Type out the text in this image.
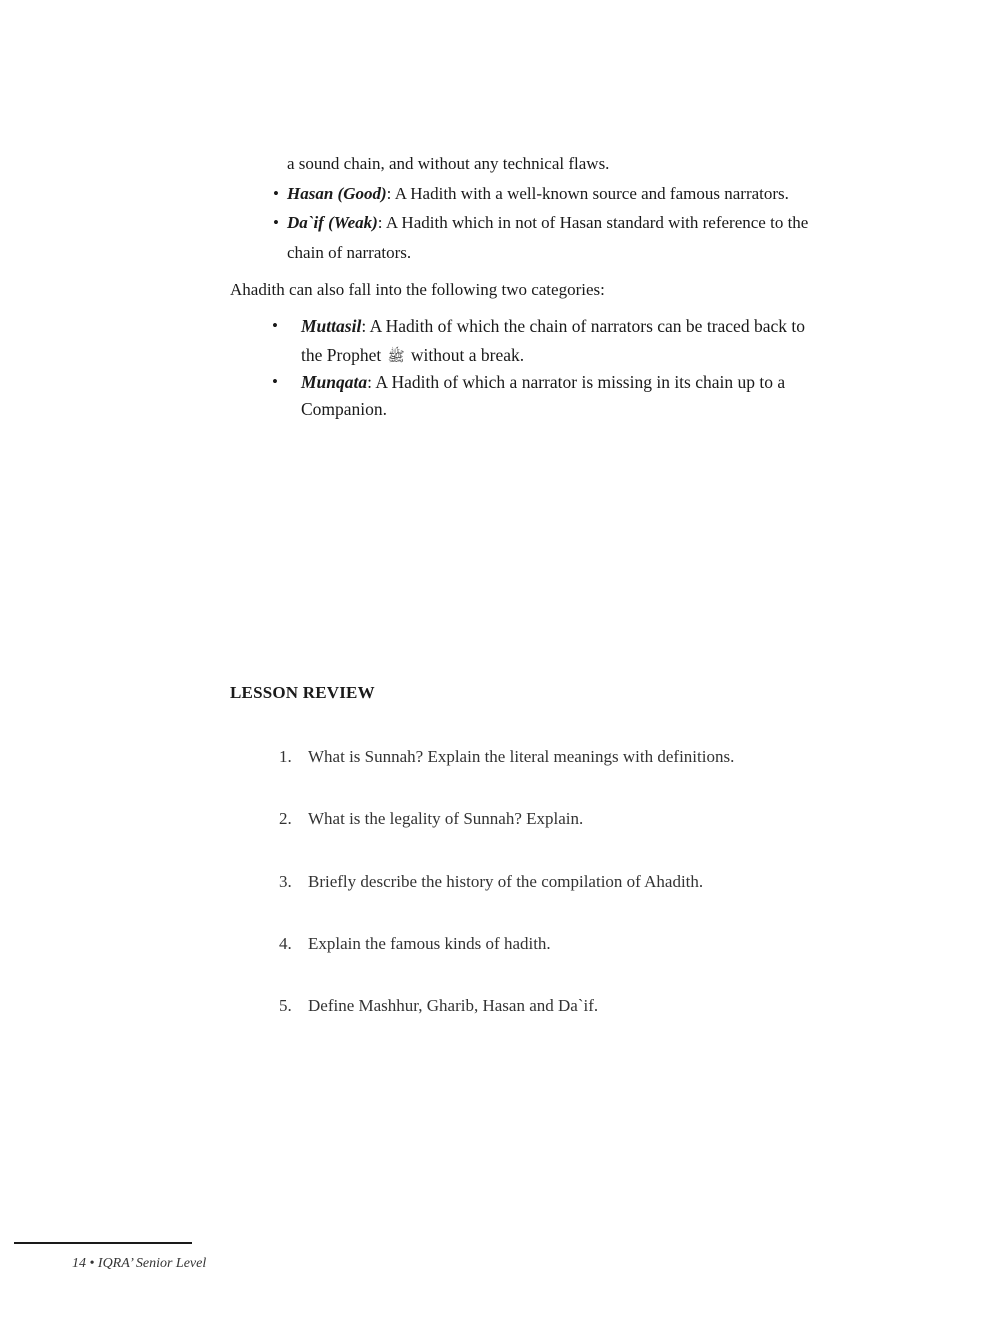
a sound chain, and without any technical flaws.
• Hasan (Good): A Hadith with a well-known source and famous narrators.
• Da`if (Weak): A Hadith which in not of Hasan standard with reference to the
chain of narrators.
Ahadith can also fall into the following two categories:
• Muttasil: A Hadith of which the chain of narrators can be traced back to
the Prophet ﷺ without a break.
• Munqata: A Hadith of which a narrator is missing in its chain up to a
Companion.
LESSON REVIEW
1. What is Sunnah? Explain the literal meanings with definitions.
2. What is the legality of Sunnah? Explain.
3. Briefly describe the history of the compilation of Ahadith.
4. Explain the famous kinds of hadith.
5. Define Mashhur, Gharib, Hasan and Da`if.
14 • IQRA’ Senior Level
